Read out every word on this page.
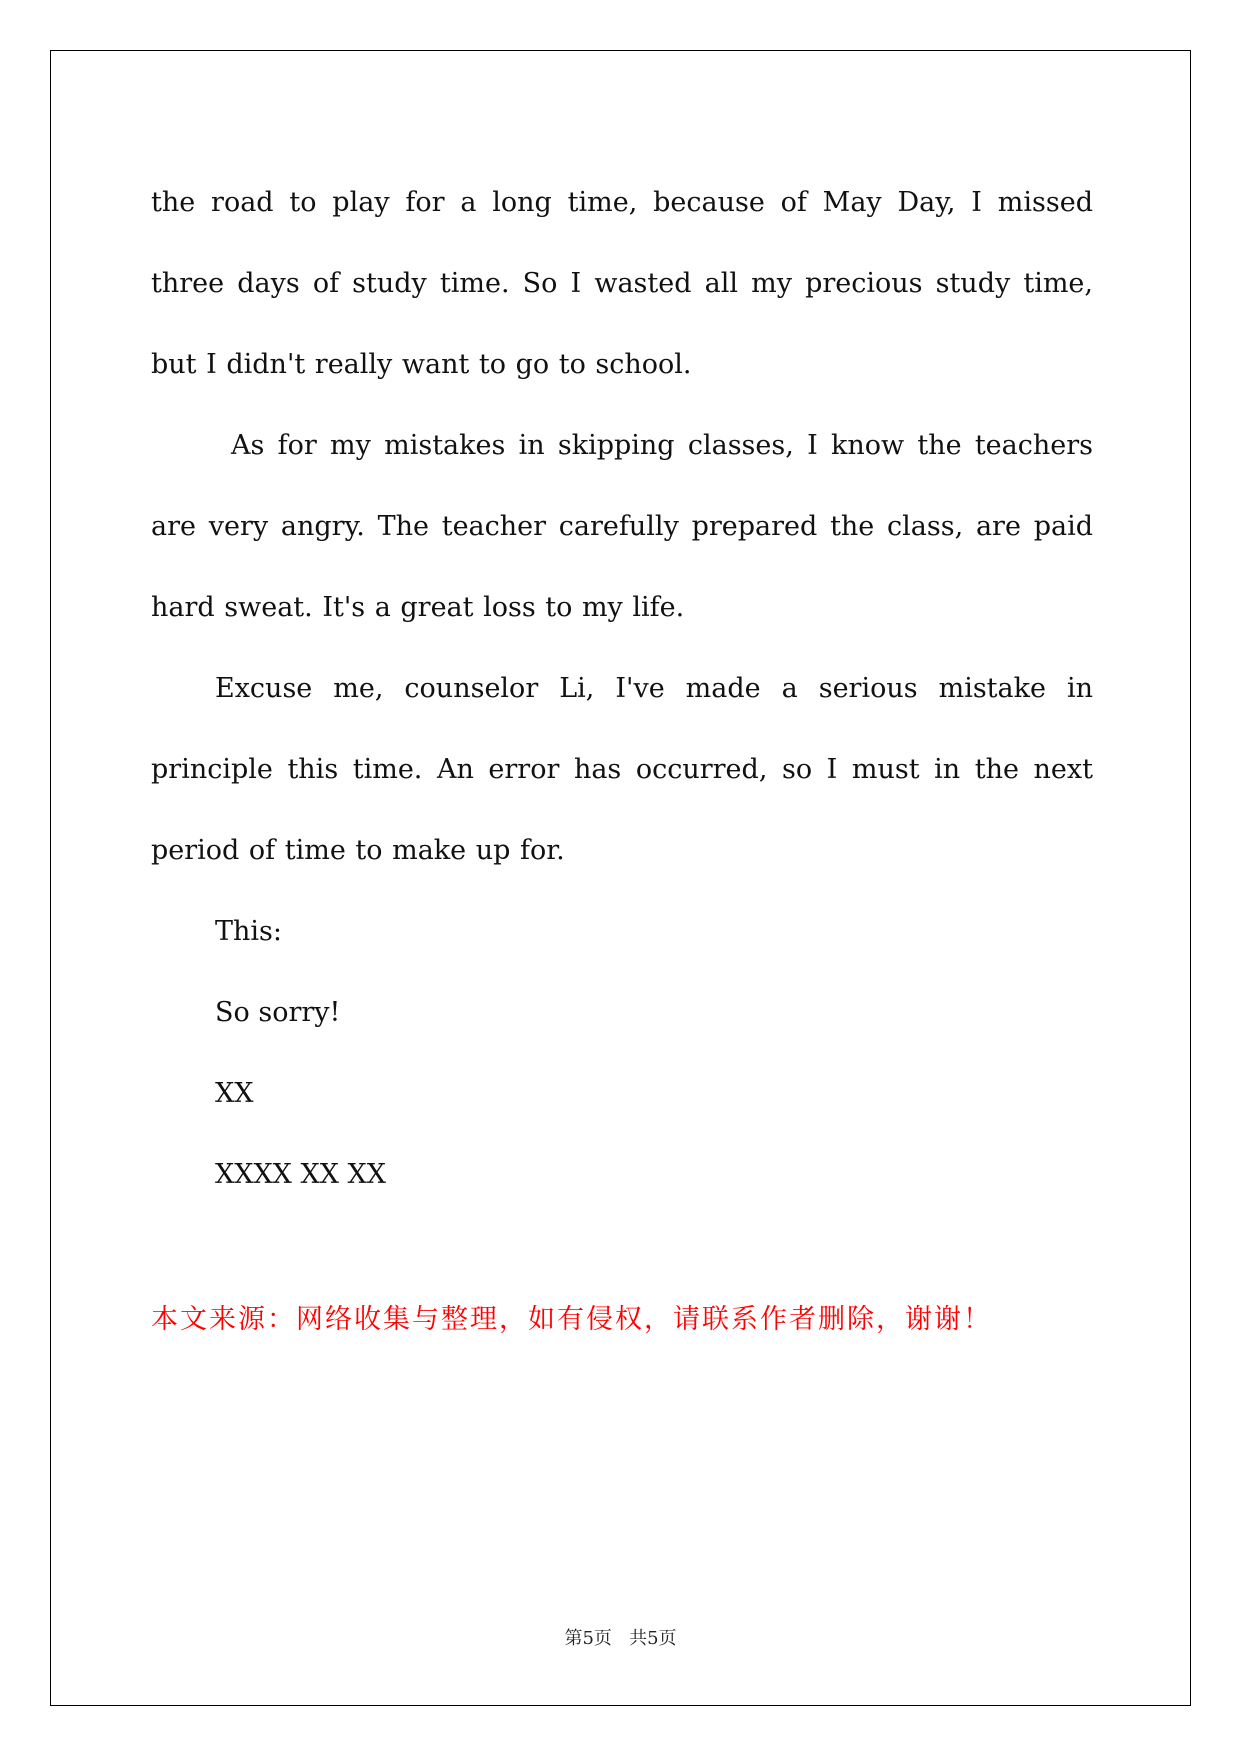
the road to play for a long time, because of May Day, I missed three days of study time. So I wasted all my precious study time, but I didn't really want to go to school.

As for my mistakes in skipping classes, I know the teachers are very angry. The teacher carefully prepared the class, are paid hard sweat. It's a great loss to my life.

Excuse me, counselor Li, I've made a serious mistake in principle this time. An error has occurred, so I must in the next period of time to make up for.

This:

So sorry!

XX

XXXX XX XX

本文来源：网络收集与整理，如有侵权，请联系作者删除，谢谢！
第5页   共5页
